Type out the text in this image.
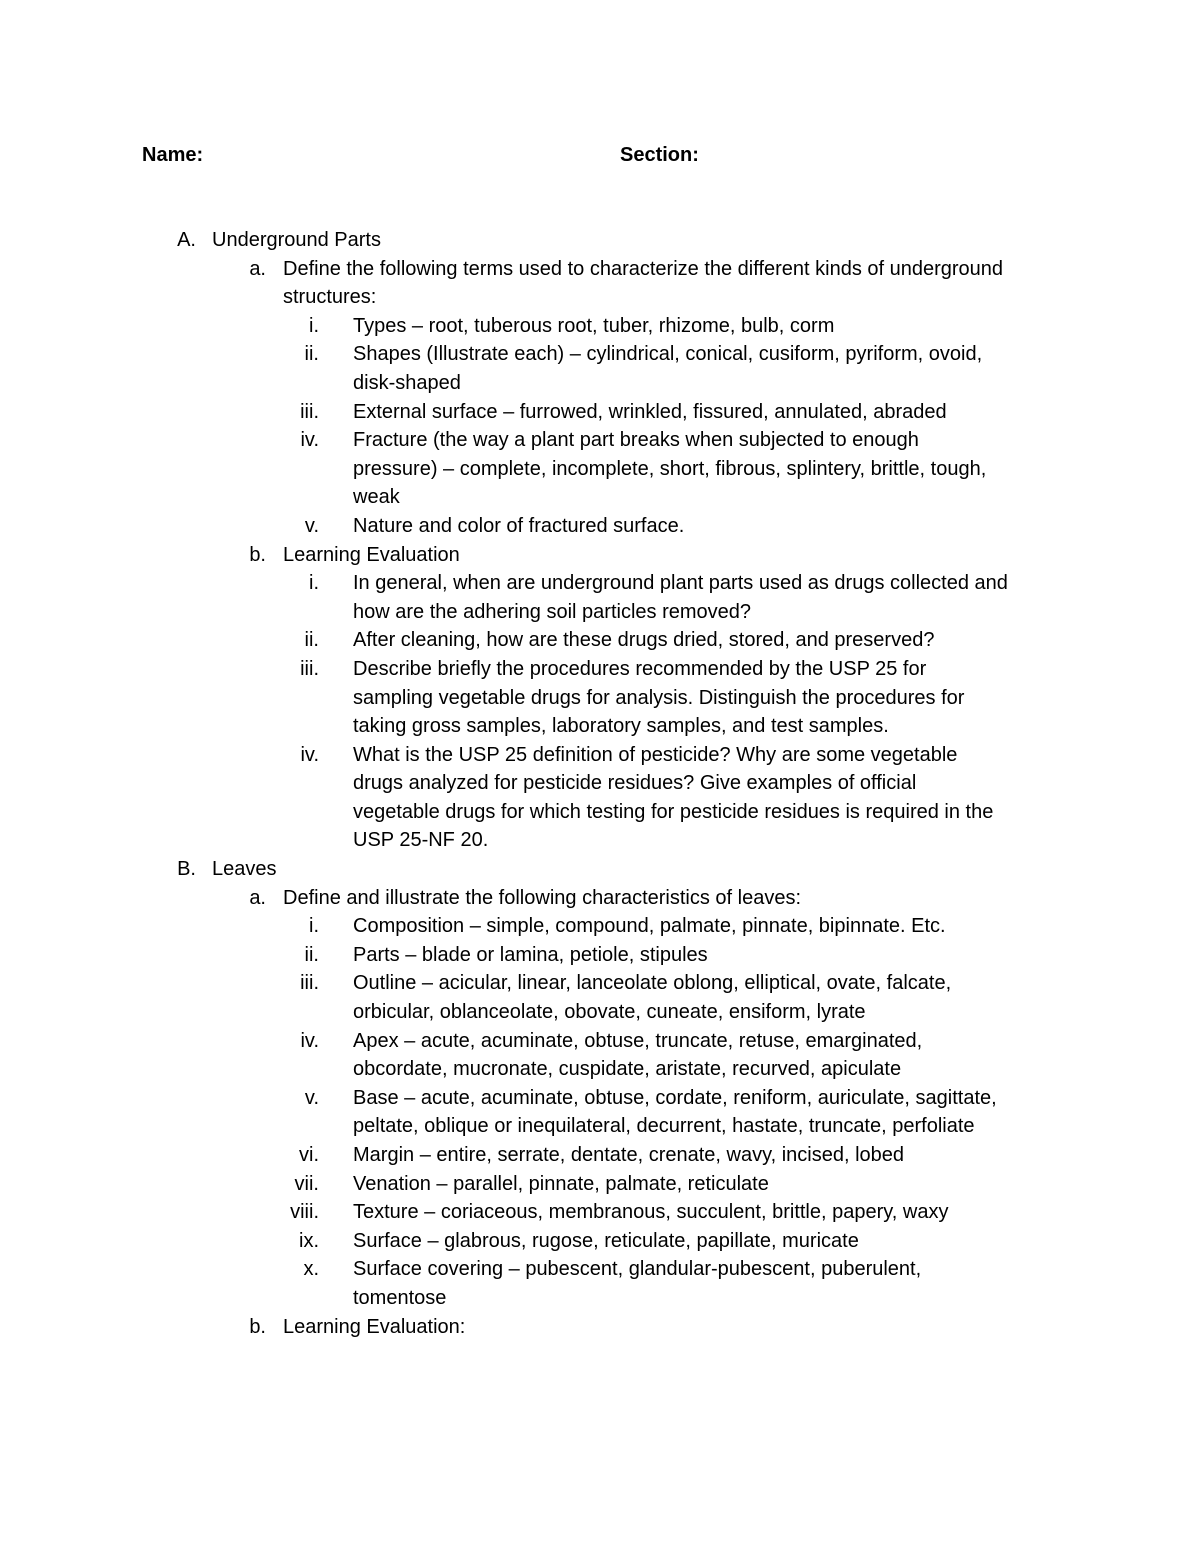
Name:	Section:
A. Underground Parts
a. Define the following terms used to characterize the different kinds of underground
structures:
i. Types – root, tuberous root, tuber, rhizome, bulb, corm
ii. Shapes (Illustrate each) – cylindrical, conical, cusiform, pyriform, ovoid,
disk-shaped
iii. External surface – furrowed, wrinkled, fissured, annulated, abraded
iv. Fracture (the way a plant part breaks when subjected to enough
pressure) – complete, incomplete, short, fibrous, splintery, brittle, tough,
weak
v. Nature and color of fractured surface.
b. Learning Evaluation
i. In general, when are underground plant parts used as drugs collected and
how are the adhering soil particles removed?
ii. After cleaning, how are these drugs dried, stored, and preserved?
iii. Describe briefly the procedures recommended by the USP 25 for
sampling vegetable drugs for analysis. Distinguish the procedures for
taking gross samples, laboratory samples, and test samples.
iv. What is the USP 25 definition of pesticide? Why are some vegetable
drugs analyzed for pesticide residues? Give examples of official
vegetable drugs for which testing for pesticide residues is required in the
USP 25-NF 20.
B. Leaves
a. Define and illustrate the following characteristics of leaves:
i. Composition – simple, compound, palmate, pinnate, bipinnate. Etc.
ii. Parts – blade or lamina, petiole, stipules
iii. Outline – acicular, linear, lanceolate oblong, elliptical, ovate, falcate,
orbicular, oblanceolate, obovate, cuneate, ensiform, lyrate
iv. Apex – acute, acuminate, obtuse, truncate, retuse, emarginated,
obcordate, mucronate, cuspidate, aristate, recurved, apiculate
v. Base – acute, acuminate, obtuse, cordate, reniform, auriculate, sagittate,
peltate, oblique or inequilateral, decurrent, hastate, truncate, perfoliate
vi. Margin – entire, serrate, dentate, crenate, wavy, incised, lobed
vii. Venation – parallel, pinnate, palmate, reticulate
viii. Texture – coriaceous, membranous, succulent, brittle, papery, waxy
ix. Surface – glabrous, rugose, reticulate, papillate, muricate
x. Surface covering – pubescent, glandular-pubescent, puberulent,
tomentose
b. Learning Evaluation:
